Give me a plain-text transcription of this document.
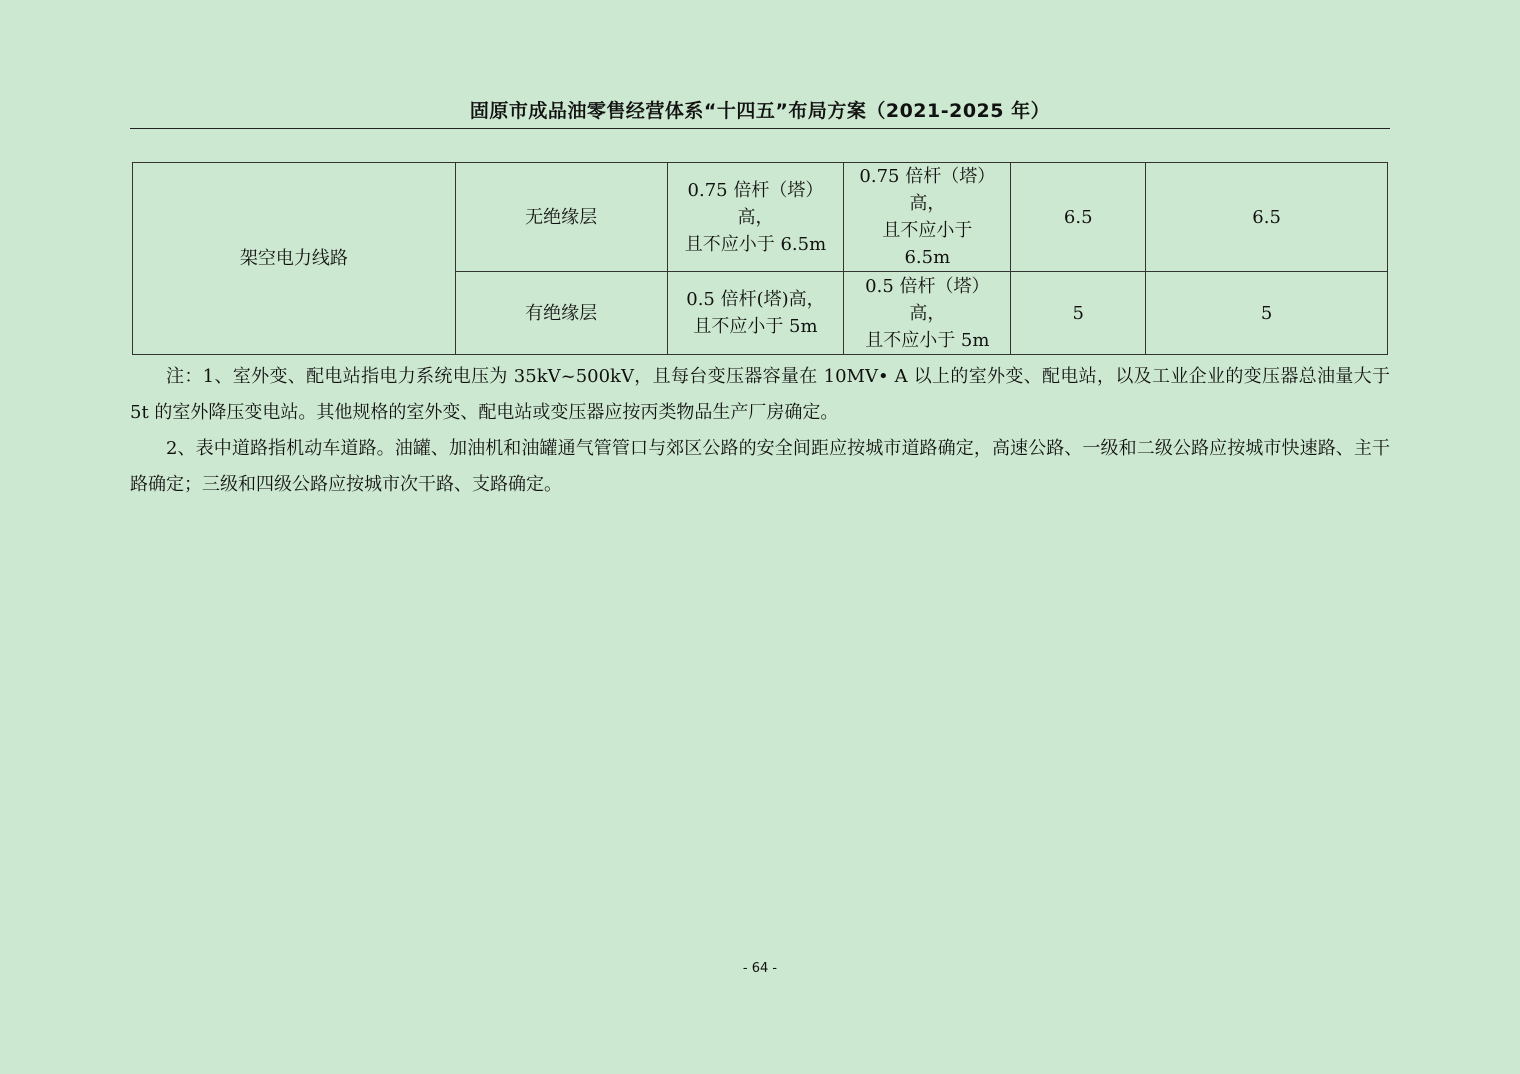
固原市成品油零售经营体系“十四五”布局方案（2021-2025 年）
架空电力线路	无绝缘层	0.75 倍杆（塔）
高，
且不应小于 6.5m	0.75 倍杆（塔）
高，
且不应小于
6.5m	6.5	6.5
	有绝缘层	0.5 倍杆(塔)高，
且不应小于 5m	0.5 倍杆（塔）
高，
且不应小于 5m	5	5

注：1、室外变、配电站指电力系统电压为 35kV~500kV，且每台变压器容量在 10MV• A 以上的室外变、配电站，以及工业企业的变压器总油量大于 5t 的室外降压变电站。其他规格的室外变、配电站或变压器应按丙类物品生产厂房确定。

2、表中道路指机动车道路。油罐、加油机和油罐通气管管口与郊区公路的安全间距应按城市道路确定，高速公路、一级和二级公路应按城市快速路、主干路确定；三级和四级公路应按城市次干路、支路确定。

- 64 -
